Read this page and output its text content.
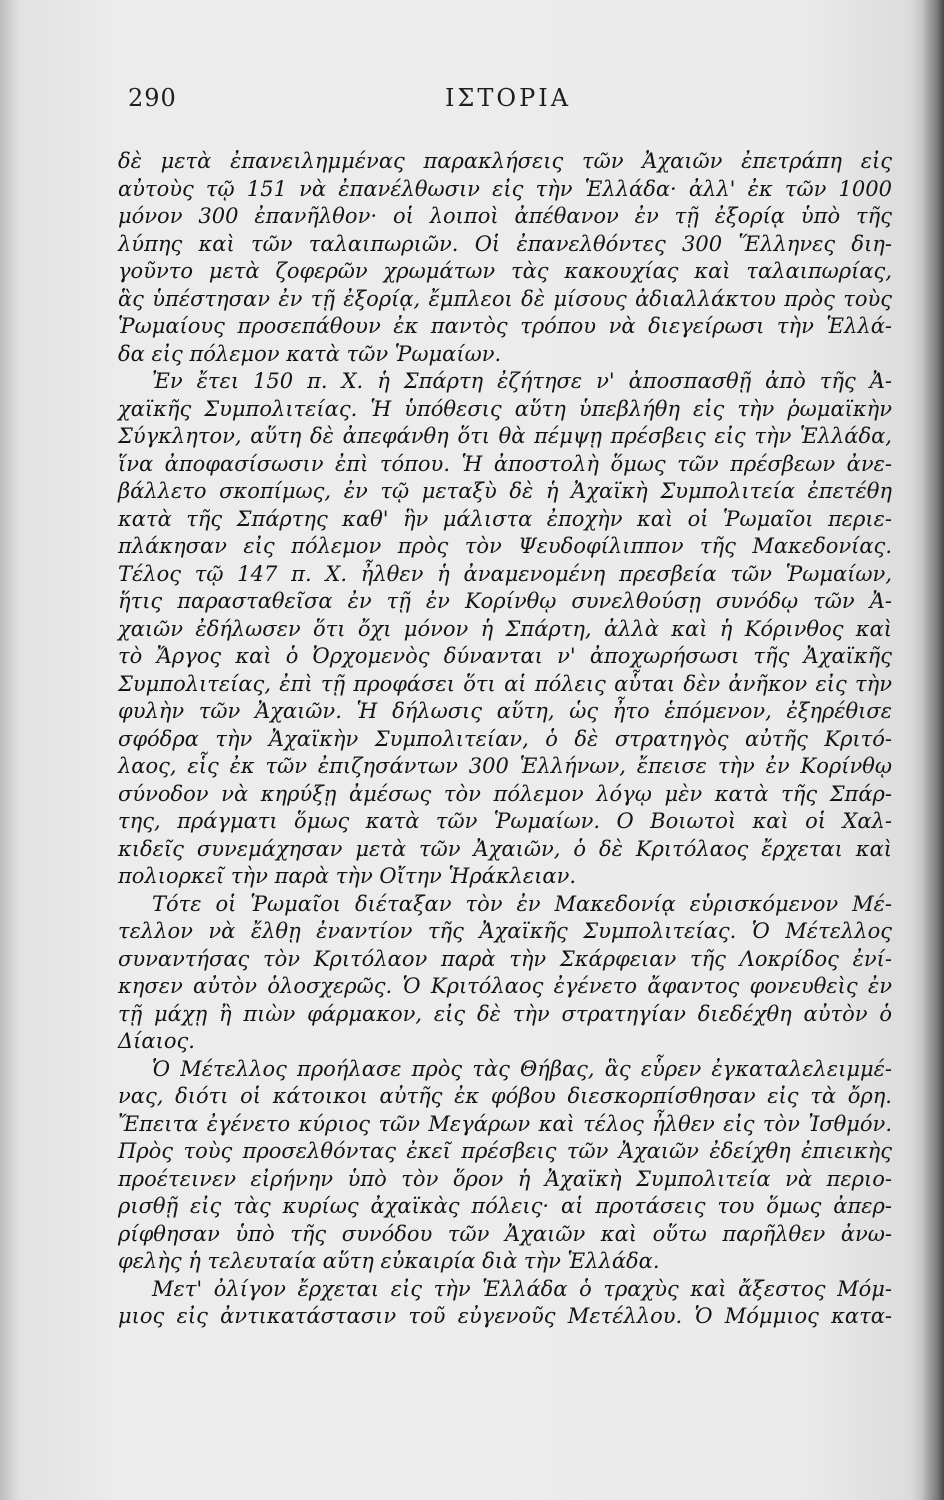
290	ΙΣΤΟΡΙΑ
δὲ μετὰ ἐπανειλημμένας παρακλήσεις τῶν Ἀχαιῶν ἐπετράπη εἰς
αὐτοὺς τῷ 151 νὰ ἐπανέλθωσιν εἰς τὴν Ἑλλάδα· ἀλλ' ἐκ τῶν 1000
μόνον 300 ἐπανῆλθον· οἱ λοιποὶ ἀπέθανον ἐν τῇ ἐξορίᾳ ὑπὸ τῆς
λύπης καὶ τῶν ταλαιπωριῶν. Οἱ ἐπανελθόντες 300 Ἕλληνες διη-
γοῦντο μετὰ ζοφερῶν χρωμάτων τὰς κακουχίας καὶ ταλαιπωρίας,
ἃς ὑπέστησαν ἐν τῇ ἐξορίᾳ, ἔμπλεοι δὲ μίσους ἀδιαλλάκτου πρὸς τοὺς
Ῥωμαίους προσεπάθουν ἐκ παντὸς τρόπου νὰ διεγείρωσι τὴν Ἑλλά-
δα εἰς πόλεμον κατὰ τῶν Ῥωμαίων.
Ἐν ἔτει 150 π. Χ. ἡ Σπάρτη ἐζήτησε ν' ἀποσπασθῇ ἀπὸ τῆς Ἀ-
χαϊκῆς Συμπολιτείας. Ἡ ὑπόθεσις αὕτη ὑπεβλήθη εἰς τὴν ῥωμαϊκὴν
Σύγκλητον, αὕτη δὲ ἀπεφάνθη ὅτι θὰ πέμψῃ πρέσβεις εἰς τὴν Ἑλλάδα,
ἵνα ἀποφασίσωσιν ἐπὶ τόπου. Ἡ ἀποστολὴ ὅμως τῶν πρέσβεων ἀνε-
βάλλετο σκοπίμως, ἐν τῷ μεταξὺ δὲ ἡ Ἀχαϊκὴ Συμπολιτεία ἐπετέθη
κατὰ τῆς Σπάρτης καθ' ἣν μάλιστα ἐποχὴν καὶ οἱ Ῥωμαῖοι περιε-
πλάκησαν εἰς πόλεμον πρὸς τὸν Ψευδοφίλιππον τῆς Μακεδονίας.
Τέλος τῷ 147 π. Χ. ἦλθεν ἡ ἀναμενομένη πρεσβεία τῶν Ῥωμαίων,
ἥτις παρασταθεῖσα ἐν τῇ ἐν Κορίνθῳ συνελθούσῃ συνόδῳ τῶν Ἀ-
χαιῶν ἐδήλωσεν ὅτι ὄχι μόνον ἡ Σπάρτη, ἀλλὰ καὶ ἡ Κόρινθος καὶ
τὸ Ἄργος καὶ ὁ Ὀρχομενὸς δύνανται ν' ἀποχωρήσωσι τῆς Ἀχαϊκῆς
Συμπολιτείας, ἐπὶ τῇ προφάσει ὅτι αἱ πόλεις αὗται δὲν ἀνῆκον εἰς τὴν
φυλὴν τῶν Ἀχαιῶν. Ἡ δήλωσις αὕτη, ὡς ἦτο ἑπόμενον, ἐξηρέθισε
σφόδρα τὴν Ἀχαϊκὴν Συμπολιτείαν, ὁ δὲ στρατηγὸς αὐτῆς Κριτό-
λαος, εἷς ἐκ τῶν ἐπιζησάντων 300 Ἑλλήνων, ἔπεισε τὴν ἐν Κορίνθῳ
σύνοδον νὰ κηρύξῃ ἀμέσως τὸν πόλεμον λόγῳ μὲν κατὰ τῆς Σπάρ-
της, πράγματι ὅμως κατὰ τῶν Ῥωμαίων. Ο Βοιωτοὶ καὶ οἱ Χαλ-
κιδεῖς συνεμάχησαν μετὰ τῶν Ἀχαιῶν, ὁ δὲ Κριτόλαος ἔρχεται καὶ
πολιορκεῖ τὴν παρὰ τὴν Οἴτην Ἡράκλειαν.
Τότε οἱ Ῥωμαῖοι διέταξαν τὸν ἐν Μακεδονίᾳ εὑρισκόμενον Μέ-
τελλον νὰ ἔλθῃ ἐναντίον τῆς Ἀχαϊκῆς Συμπολιτείας. Ὁ Μέτελλος
συναντήσας τὸν Κριτόλαον παρὰ τὴν Σκάρφειαν τῆς Λοκρίδος ἐνί-
κησεν αὐτὸν ὁλοσχερῶς. Ὁ Κριτόλαος ἐγένετο ἄφαντος φονευθεὶς ἐν
τῇ μάχῃ ἢ πιὼν φάρμακον, εἰς δὲ τὴν στρατηγίαν διεδέχθη αὐτὸν ὁ
Δίαιος.
Ὁ Μέτελλος προήλασε πρὸς τὰς Θήβας, ἃς εὗρεν ἐγκαταλελειμμέ-
νας, διότι οἱ κάτοικοι αὐτῆς ἐκ φόβου διεσκορπίσθησαν εἰς τὰ ὄρη.
Ἔπειτα ἐγένετο κύριος τῶν Μεγάρων καὶ τέλος ἦλθεν εἰς τὸν Ἰσθμόν.
Πρὸς τοὺς προσελθόντας ἐκεῖ πρέσβεις τῶν Ἀχαιῶν ἐδείχθη ἐπιεικὴς
προέτεινεν εἰρήνην ὑπὸ τὸν ὅρον ἡ Ἀχαϊκὴ Συμπολιτεία νὰ περιο-
ρισθῇ εἰς τὰς κυρίως ἀχαϊκὰς πόλεις· αἱ προτάσεις του ὅμως ἀπερ-
ρίφθησαν ὑπὸ τῆς συνόδου τῶν Ἀχαιῶν καὶ οὕτω παρῆλθεν ἀνω-
φελὴς ἡ τελευταία αὕτη εὐκαιρία διὰ τὴν Ἑλλάδα.
Μετ' ὀλίγον ἔρχεται εἰς τὴν Ἑλλάδα ὁ τραχὺς καὶ ἄξεστος Μόμ-
μιος εἰς ἀντικατάστασιν τοῦ εὐγενοῦς Μετέλλου. Ὁ Μόμμιος κατα-
